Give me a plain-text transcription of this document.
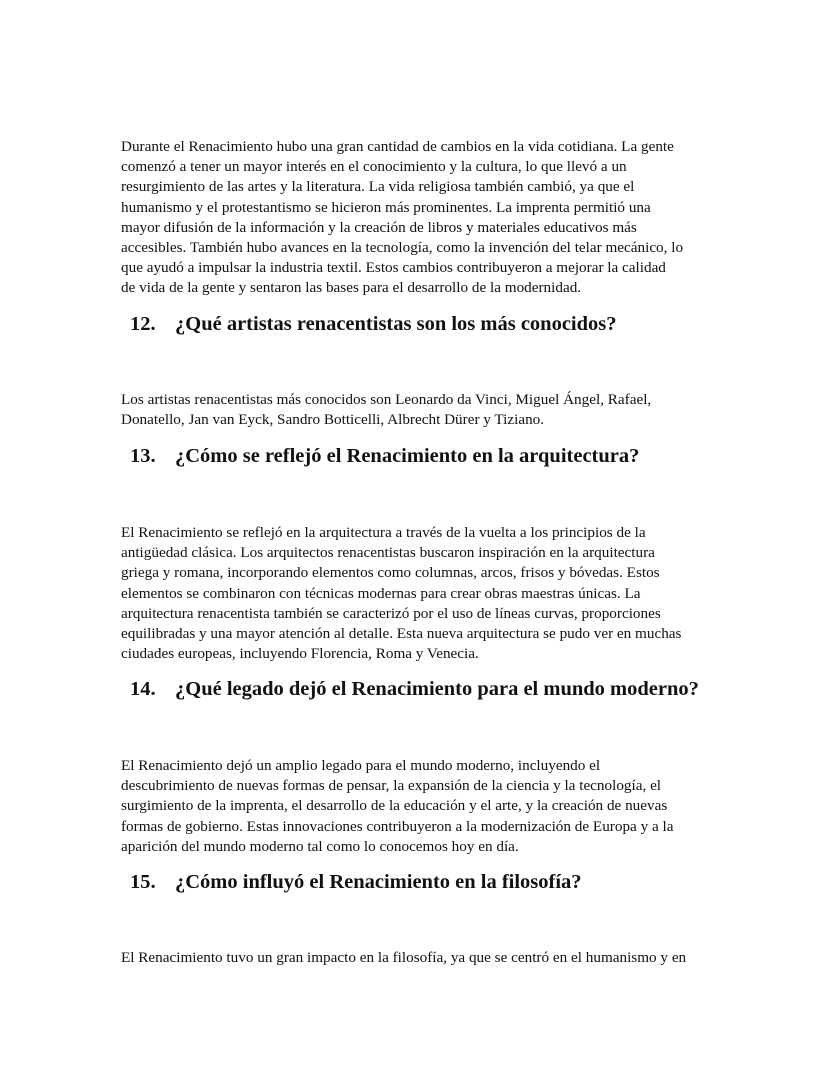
Durante el Renacimiento hubo una gran cantidad de cambios en la vida cotidiana. La gente
comenzó a tener un mayor interés en el conocimiento y la cultura, lo que llevó a un
resurgimiento de las artes y la literatura. La vida religiosa también cambió, ya que el
humanismo y el protestantismo se hicieron más prominentes. La imprenta permitió una
mayor difusión de la información y la creación de libros y materiales educativos más
accesibles. También hubo avances en la tecnología, como la invención del telar mecánico, lo
que ayudó a impulsar la industria textil. Estos cambios contribuyeron a mejorar la calidad
de vida de la gente y sentaron las bases para el desarrollo de la modernidad.

12. ¿Qué artistas renacentistas son los más conocidos?

Los artistas renacentistas más conocidos son Leonardo da Vinci, Miguel Ángel, Rafael,
Donatello, Jan van Eyck, Sandro Botticelli, Albrecht Dürer y Tiziano.

13. ¿Cómo se reflejó el Renacimiento en la arquitectura?

El Renacimiento se reflejó en la arquitectura a través de la vuelta a los principios de la
antigüedad clásica. Los arquitectos renacentistas buscaron inspiración en la arquitectura
griega y romana, incorporando elementos como columnas, arcos, frisos y bóvedas. Estos
elementos se combinaron con técnicas modernas para crear obras maestras únicas. La
arquitectura renacentista también se caracterizó por el uso de líneas curvas, proporciones
equilibradas y una mayor atención al detalle. Esta nueva arquitectura se pudo ver en muchas
ciudades europeas, incluyendo Florencia, Roma y Venecia.

14. ¿Qué legado dejó el Renacimiento para el mundo moderno?

El Renacimiento dejó un amplio legado para el mundo moderno, incluyendo el
descubrimiento de nuevas formas de pensar, la expansión de la ciencia y la tecnología, el
surgimiento de la imprenta, el desarrollo de la educación y el arte, y la creación de nuevas
formas de gobierno. Estas innovaciones contribuyeron a la modernización de Europa y a la
aparición del mundo moderno tal como lo conocemos hoy en día.

15. ¿Cómo influyó el Renacimiento en la filosofía?

El Renacimiento tuvo un gran impacto en la filosofía, ya que se centró en el humanismo y en
